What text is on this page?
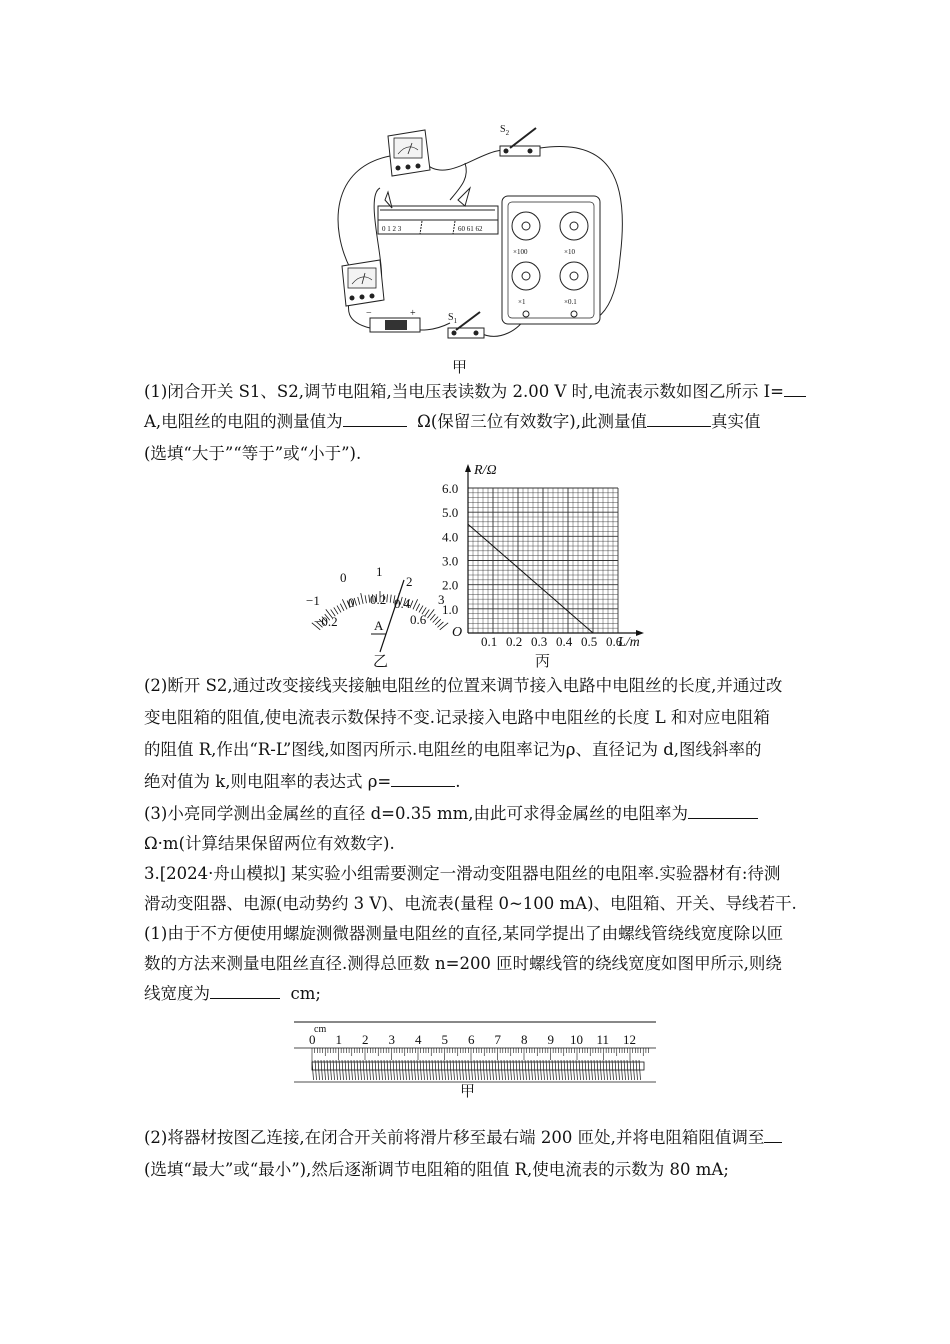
0 1 2 3	60 61 62
$S_2$
×100	×10
×1	×0.1
−	+	$S_1$
甲
(1)闭合开关 S1、S2,调节电阻箱,当电压表读数为 2.00 V 时,电流表示数如图乙所示 I=
A,电阻丝的电阻的测量值为	Ω(保留三位有效数字),此测量值	真实值
(选填“大于”“等于”或“小于”).
−1
0 1
2
3
−0.2
0 0.2 0.4
0.6
A
乙
R/Ω
L/m
O
6.0
5.0
4.0
3.0
2.0
1.0
0.1 0.2 0.3 0.4 0.5 0.6
丙
(2)断开 S2,通过改变接线夹接触电阻丝的位置来调节接入电路中电阻丝的长度,并通过改
变电阻箱的阻值,使电流表示数保持不变.记录接入电路中电阻丝的长度 L 和对应电阻箱
的阻值 R,作出“R-L”图线,如图丙所示.电阻丝的电阻率记为ρ、直径记为 d,图线斜率的
绝对值为 k,则电阻率的表达式 ρ=	.
(3)小亮同学测出金属丝的直径 d=0.35 mm,由此可求得金属丝的电阻率为
Ω·m(计算结果保留两位有效数字).
3.[2024·舟山模拟] 某实验小组需要测定一滑动变阻器电阻丝的电阻率.实验器材有:待测
滑动变阻器、电源(电动势约 3 V)、电流表(量程 0~100 mA)、电阻箱、开关、导线若干.
(1)由于不方便使用螺旋测微器测量电阻丝的直径,某同学提出了由螺线管绕线宽度除以匝
数的方法来测量电阻丝直径.测得总匝数 n=200 匝时螺线管的绕线宽度如图甲所示,则绕
线宽度为	cm;
cm
0 1 2 3 4 5 6 7 8 9 10 11 12
甲
(2)将器材按图乙连接,在闭合开关前将滑片移至最右端 200 匝处,并将电阻箱阻值调至
(选填“最大”或“最小”),然后逐渐调节电阻箱的阻值 R,使电流表的示数为 80 mA;
